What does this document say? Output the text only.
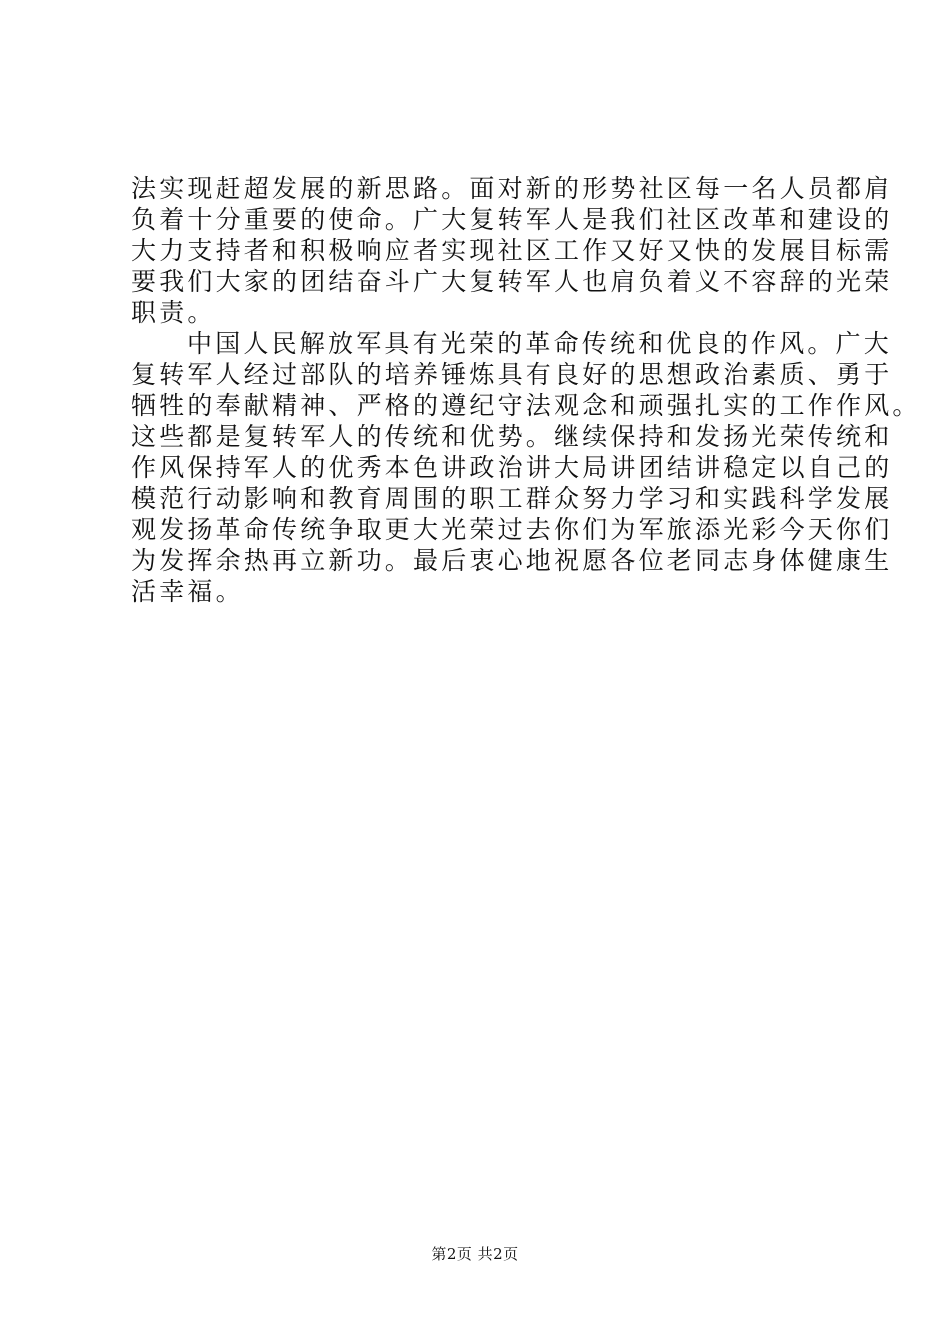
法实现赶超发展的新思路。面对新的形势社区每一名人员都肩
负着十分重要的使命。广大复转军人是我们社区改革和建设的
大力支持者和积极响应者实现社区工作又好又快的发展目标需
要我们大家的团结奋斗广大复转军人也肩负着义不容辞的光荣
职责。
中国人民解放军具有光荣的革命传统和优良的作风。广大
复转军人经过部队的培养锤炼具有良好的思想政治素质、勇于
牺牲的奉献精神、严格的遵纪守法观念和顽强扎实的工作作风。
这些都是复转军人的传统和优势。继续保持和发扬光荣传统和
作风保持军人的优秀本色讲政治讲大局讲团结讲稳定以自己的
模范行动影响和教育周围的职工群众努力学习和实践科学发展
观发扬革命传统争取更大光荣过去你们为军旅添光彩今天你们
为发挥余热再立新功。最后衷心地祝愿各位老同志身体健康生
活幸福。
第2页 共2页
